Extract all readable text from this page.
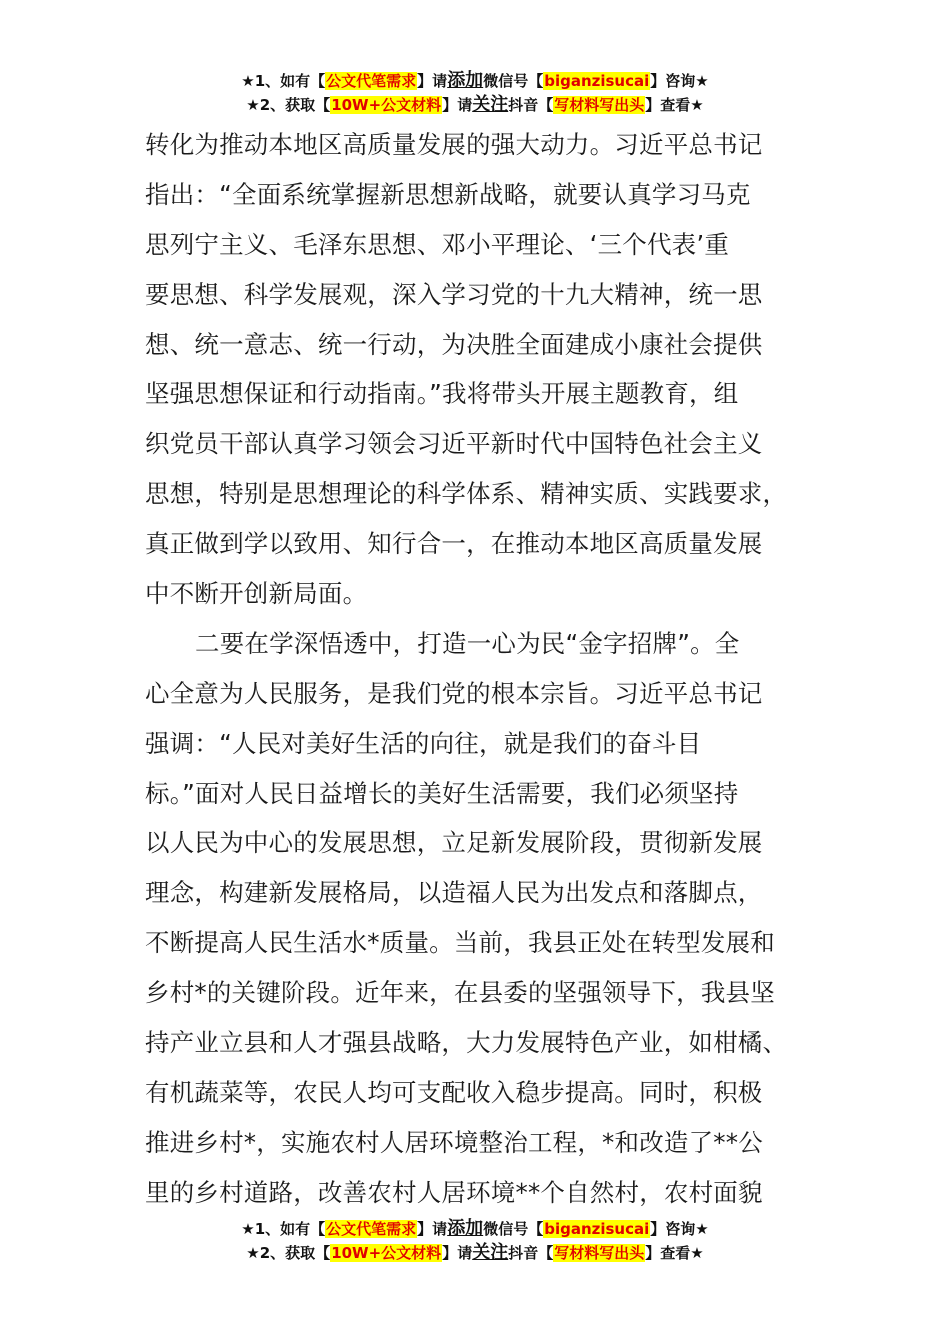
★1、如有【公文代笔需求】请添加微信号【biganzisucai】咨询★
★2、获取【10W+公文材料】请关注抖音【写材料写出头】查看★
转化为推动本地区高质量发展的强大动力。习近平总书记
指出：“全面系统掌握新思想新战略，就要认真学习马克
思列宁主义、毛泽东思想、邓小平理论、‘三个代表’重
要思想、科学发展观，深入学习党的十九大精神，统一思
想、统一意志、统一行动，为决胜全面建成小康社会提供
坚强思想保证和行动指南。”我将带头开展主题教育，组
织党员干部认真学习领会习近平新时代中国特色社会主义
思想，特别是思想理论的科学体系、精神实质、实践要求，
真正做到学以致用、知行合一，在推动本地区高质量发展
中不断开创新局面。
二要在学深悟透中，打造一心为民“金字招牌”。全
心全意为人民服务，是我们党的根本宗旨。习近平总书记
强调：“人民对美好生活的向往，就是我们的奋斗目
标。”面对人民日益增长的美好生活需要，我们必须坚持
以人民为中心的发展思想，立足新发展阶段，贯彻新发展
理念，构建新发展格局，以造福人民为出发点和落脚点，
不断提高人民生活水*质量。当前，我县正处在转型发展和
乡村*的关键阶段。近年来，在县委的坚强领导下，我县坚
持产业立县和人才强县战略，大力发展特色产业，如柑橘、
有机蔬菜等，农民人均可支配收入稳步提高。同时，积极
推进乡村*，实施农村人居环境整治工程，*和改造了**公
里的乡村道路，改善农村人居环境**个自然村，农村面貌
★1、如有【公文代笔需求】请添加微信号【biganzisucai】咨询★
★2、获取【10W+公文材料】请关注抖音【写材料写出头】查看★
